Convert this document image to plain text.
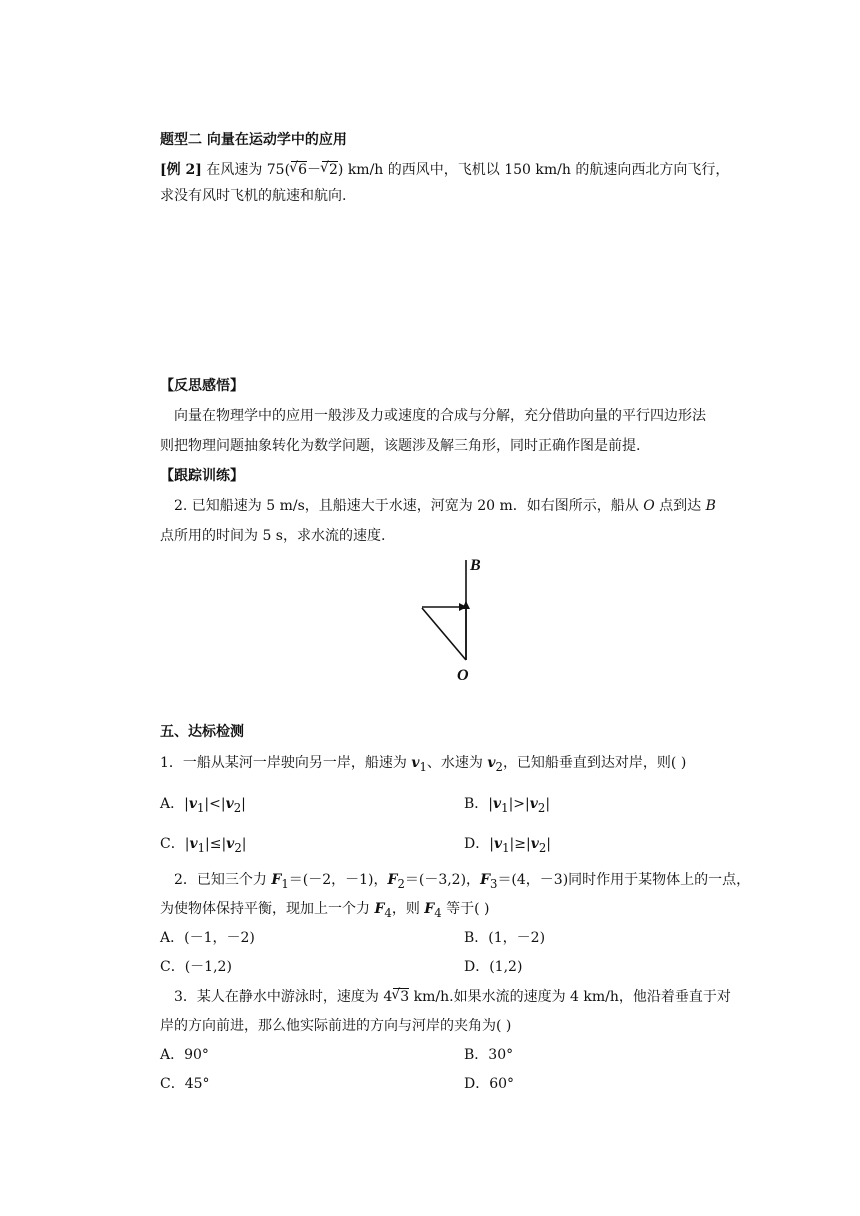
题型二 向量在运动学中的应用
[例 2] 在风速为 75( √ 6－ √ 2) km/h 的西风中，飞机以 150 km/h 的航速向西北方向飞行，
求没有风时飞机的航速和航向.
【反思感悟】
向量在物理学中的应用一般涉及力或速度的合成与分解，充分借助向量的平行四边形法
则把物理问题抽象转化为数学问题，该题涉及解三角形，同时正确作图是前提.
【跟踪训练】
2. 已知船速为 5 m/s，且船速大于水速，河宽为 20 m．如右图所示，船从 O 点到达 B
点所用的时间为 5 s，求水流的速度.
B
O
五、达标检测
1．一船从某河一岸驶向另一岸，船速为 $v_1$、水速为 $v_2$，已知船垂直到达对岸，则( )
A．$|v_1|<|v_2|$	B．$|v_1|>|v_2|$
C．$|v_1|\le|v_2|$	D．$|v_1|\ge|v_2|$
2．已知三个力 $F_1=(-2$，－1)，$F_2=(-3,2)$，$F_3=(4$，－3)同时作用于某物体上的一点，
为使物体保持平衡，现加上一个力 $F_4$，则 $F_4$ 等于( )
A．(－1，－2)	B．(1，－2)
C．(－1,2)	D．(1,2)
3．某人在静水中游泳时，速度为 4 √ 3 km/h.如果水流的速度为 4 km/h，他沿着垂直于对
岸的方向前进，那么他实际前进的方向与河岸的夹角为( )
A．90°	B．30°
C．45°	D．60°
